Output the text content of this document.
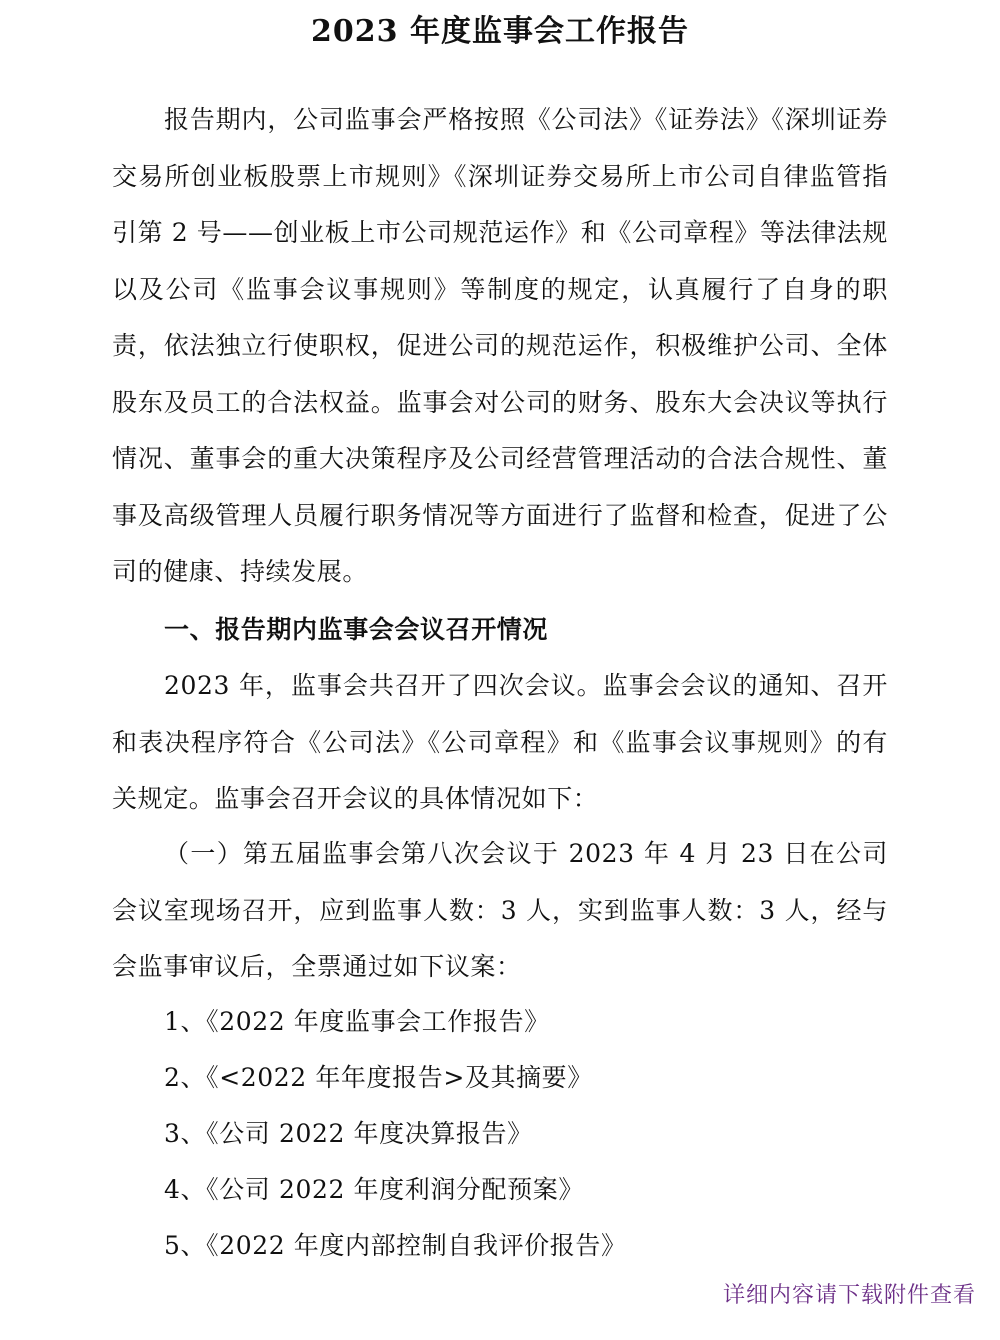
2023 年度监事会工作报告

报告期内，公司监事会严格按照《公司法》《证券法》《深圳证券交易所创业板股票上市规则》《深圳证券交易所上市公司自律监管指引第 2 号——创业板上市公司规范运作》和《公司章程》等法律法规以及公司《监事会议事规则》等制度的规定，认真履行了自身的职责，依法独立行使职权，促进公司的规范运作，积极维护公司、全体股东及员工的合法权益。监事会对公司的财务、股东大会决议等执行情况、董事会的重大决策程序及公司经营管理活动的合法合规性、董事及高级管理人员履行职务情况等方面进行了监督和检查，促进了公司的健康、持续发展。

一、报告期内监事会会议召开情况

2023 年，监事会共召开了四次会议。监事会会议的通知、召开和表决程序符合《公司法》《公司章程》和《监事会议事规则》的有关规定。监事会召开会议的具体情况如下：

（一）第五届监事会第八次会议于 2023 年 4 月 23 日在公司会议室现场召开，应到监事人数：3 人，实到监事人数：3 人，经与会监事审议后，全票通过如下议案：

1、《2022 年度监事会工作报告》

2、《<2022 年年度报告>及其摘要》

3、《公司 2022 年度决算报告》

4、《公司 2022 年度利润分配预案》

5、《2022 年度内部控制自我评价报告》

详细内容请下载附件查看
